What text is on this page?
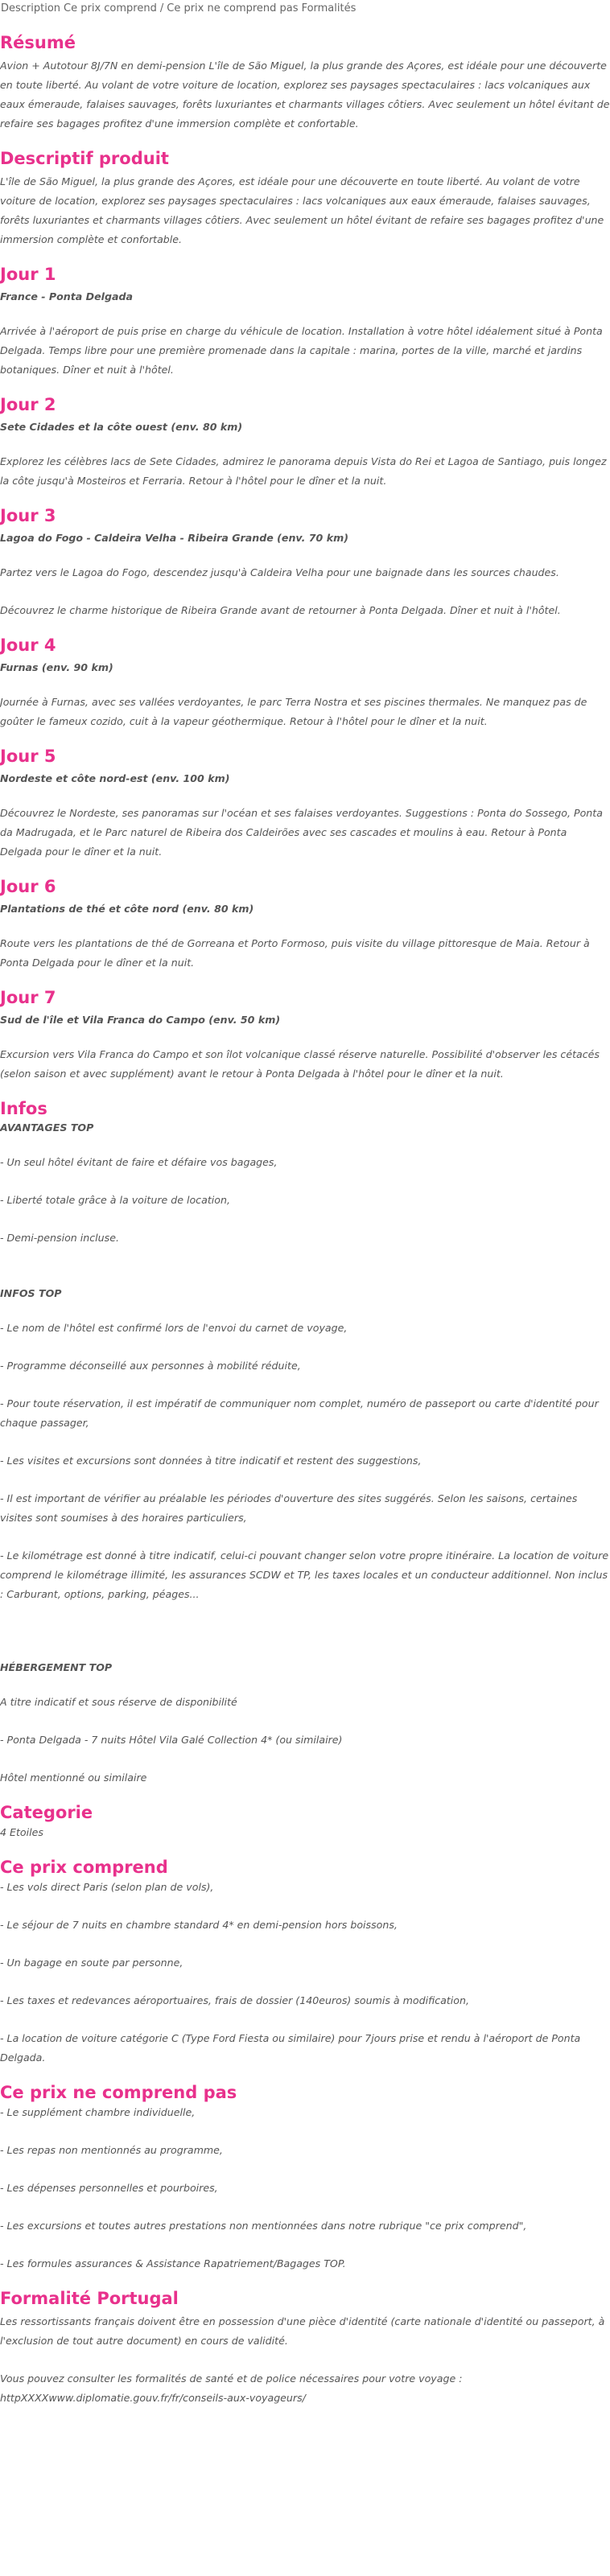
Description Ce prix comprend / Ce prix ne comprend pas Formalités
Résumé

Avion + Autotour 8J/7N en demi-pension L'île de São Miguel, la plus grande des Açores, est idéale pour une découverte en toute liberté. Au volant de votre voiture de location, explorez ses paysages spectaculaires : lacs volcaniques aux eaux émeraude, falaises sauvages, forêts luxuriantes et charmants villages côtiers. Avec seulement un hôtel évitant de refaire ses bagages profitez d'une immersion complète et confortable.

Descriptif produit

L'île de São Miguel, la plus grande des Açores, est idéale pour une découverte en toute liberté. Au volant de votre voiture de location, explorez ses paysages spectaculaires : lacs volcaniques aux eaux émeraude, falaises sauvages, forêts luxuriantes et charmants villages côtiers. Avec seulement un hôtel évitant de refaire ses bagages profitez d'une immersion complète et confortable.

Jour 1

France - Ponta Delgada

Arrivée à l'aéroport de puis prise en charge du véhicule de location. Installation à votre hôtel idéalement situé à Ponta Delgada. Temps libre pour une première promenade dans la capitale : marina, portes de la ville, marché et jardins botaniques. Dîner et nuit à l'hôtel.

Jour 2

Sete Cidades et la côte ouest (env. 80 km)

Explorez les célèbres lacs de Sete Cidades, admirez le panorama depuis Vista do Rei et Lagoa de Santiago, puis longez la côte jusqu'à Mosteiros et Ferraria. Retour à l'hôtel pour le dîner et la nuit.

Jour 3

Lagoa do Fogo - Caldeira Velha - Ribeira Grande (env. 70 km)

Partez vers le Lagoa do Fogo, descendez jusqu'à Caldeira Velha pour une baignade dans les sources chaudes.

Découvrez le charme historique de Ribeira Grande avant de retourner à Ponta Delgada. Dîner et nuit à l'hôtel.

Jour 4

Furnas (env. 90 km)

Journée à Furnas, avec ses vallées verdoyantes, le parc Terra Nostra et ses piscines thermales. Ne manquez pas de goûter le fameux cozido, cuit à la vapeur géothermique. Retour à l'hôtel pour le dîner et la nuit.

Jour 5

Nordeste et côte nord-est (env. 100 km)

Découvrez le Nordeste, ses panoramas sur l'océan et ses falaises verdoyantes. Suggestions : Ponta do Sossego, Ponta da Madrugada, et le Parc naturel de Ribeira dos Caldeirões avec ses cascades et moulins à eau. Retour à Ponta Delgada pour le dîner et la nuit.

Jour 6

Plantations de thé et côte nord (env. 80 km)

Route vers les plantations de thé de Gorreana et Porto Formoso, puis visite du village pittoresque de Maia. Retour à Ponta Delgada pour le dîner et la nuit.

Jour 7

Sud de l'île et Vila Franca do Campo (env. 50 km)

Excursion vers Vila Franca do Campo et son îlot volcanique classé réserve naturelle. Possibilité d'observer les cétacés (selon saison et avec supplément) avant le retour à Ponta Delgada à l'hôtel pour le dîner et la nuit.

Infos

AVANTAGES TOP

- Un seul hôtel évitant de faire et défaire vos bagages,

- Liberté totale grâce à la voiture de location,

- Demi-pension incluse.

INFOS TOP

- Le nom de l'hôtel est confirmé lors de l'envoi du carnet de voyage,

- Programme déconseillé aux personnes à mobilité réduite,

- Pour toute réservation, il est impératif de communiquer nom complet, numéro de passeport ou carte d'identité pour chaque passager,

- Les visites et excursions sont données à titre indicatif et restent des suggestions,

- Il est important de vérifier au préalable les périodes d'ouverture des sites suggérés. Selon les saisons, certaines visites sont soumises à des horaires particuliers,

- Le kilométrage est donné à titre indicatif, celui-ci pouvant changer selon votre propre itinéraire. La location de voiture comprend le kilométrage illimité, les assurances SCDW et TP, les taxes locales et un conducteur additionnel. Non inclus : Carburant, options, parking, péages...

HÉBERGEMENT TOP

A titre indicatif et sous réserve de disponibilité

- Ponta Delgada - 7 nuits Hôtel Vila Galé Collection 4* (ou similaire)

Hôtel mentionné ou similaire

Categorie

4 Etoiles

Ce prix comprend

- Les vols direct Paris (selon plan de vols),

- Le séjour de 7 nuits en chambre standard 4* en demi-pension hors boissons,

- Un bagage en soute par personne,

- Les taxes et redevances aéroportuaires, frais de dossier (140euros) soumis à modification,

- La location de voiture catégorie C (Type Ford Fiesta ou similaire) pour 7jours prise et rendu à l'aéroport de Ponta Delgada.

Ce prix ne comprend pas

- Le supplément chambre individuelle,

- Les repas non mentionnés au programme,

- Les dépenses personnelles et pourboires,

- Les excursions et toutes autres prestations non mentionnées dans notre rubrique "ce prix comprend",

- Les formules assurances & Assistance Rapatriement/Bagages TOP.

Formalité Portugal

Les ressortissants français doivent être en possession d'une pièce d'identité (carte nationale d'identité ou passeport, à l'exclusion de tout autre document) en cours de validité.

Vous pouvez consulter les formalités de santé et de police nécessaires pour votre voyage :

httpXXXXwww.diplomatie.gouv.fr/fr/conseils-aux-voyageurs/
